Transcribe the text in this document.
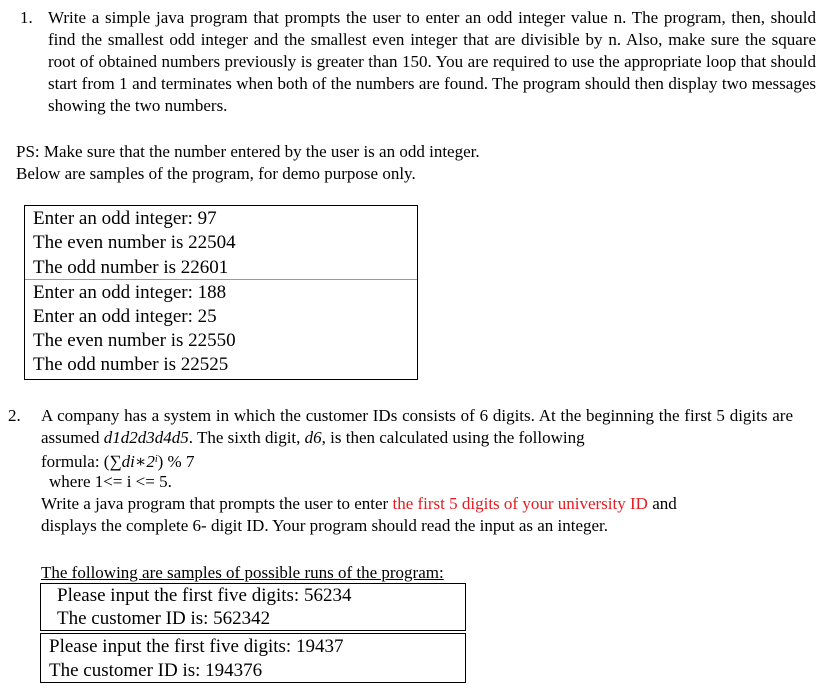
1. Write a simple java program that prompts the user to enter an odd integer value n. The program, then, should find the smallest odd integer and the smallest even integer that are divisible by n. Also, make sure the square root of obtained numbers previously is greater than 150. You are required to use the appropriate loop that should start from 1 and terminates when both of the numbers are found. The program should then display two messages showing the two numbers.
PS: Make sure that the number entered by the user is an odd integer.
Below are samples of the program, for demo purpose only.
Enter an odd integer: 97
The even number is 22504
The odd number is 22601
Enter an odd integer: 188
Enter an odd integer: 25
The even number is 22550
The odd number is 22525
2. A company has a system in which the customer IDs consists of 6 digits. At the beginning the first 5 digits are assumed d1d2d3d4d5. The sixth digit, d6, is then calculated using the following
formula: (∑di∗2$^i$) % 7
where 1<= i <= 5.
Write a java program that prompts the user to enter the first 5 digits of your university ID and
displays the complete 6- digit ID. Your program should read the input as an integer.
The following are samples of possible runs of the program:
Please input the first five digits: 56234
The customer ID is: 562342
Please input the first five digits: 19437
The customer ID is: 194376
